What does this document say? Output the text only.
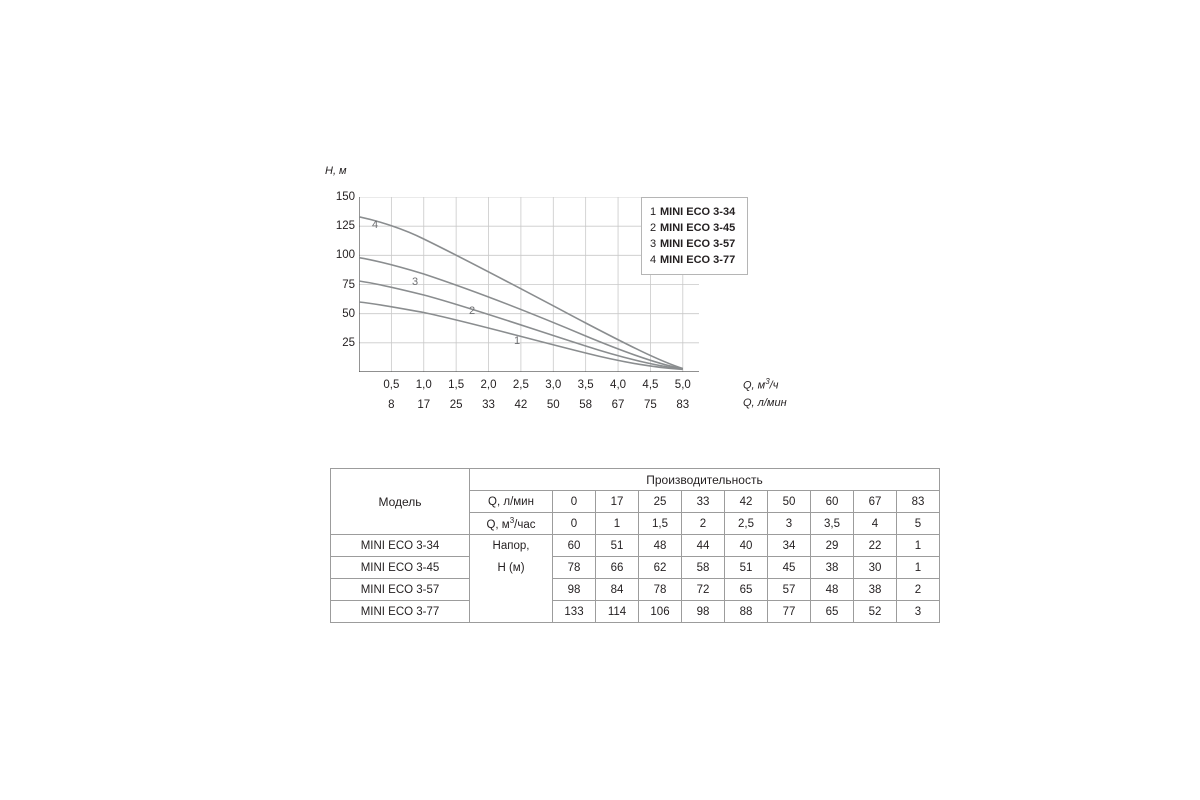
H, м
150
125
100
75
50
25
0,5 1,0 1,5 2,0 2,5 3,0 3,5 4,0 4,5 5,0
8 17 25 33 42 50 58 67 75 83
Q, $м^3/ч$
Q, л/мин
1
2
3
4
1 MINI ECO 3-34
2 MINI ECO 3-45
3 MINI ECO 3-57
4 MINI ECO 3-77
Модель	Производительность									
	Q, л/мин	0	17	25	33	42	50	60	67	83
	Q, $м^3$/час	0	1	1,5	2	2,5	3	3,5	4	5
MINI ECO 3-34	Напор,	60	51	48	44	40	34	29	22	1
MINI ECO 3-45	H (м)	78	66	62	58	51	45	38	30	1
MINI ECO 3-57		98	84	78	72	65	57	48	38	2
MINI ECO 3-77		133	114	106	98	88	77	65	52	3
